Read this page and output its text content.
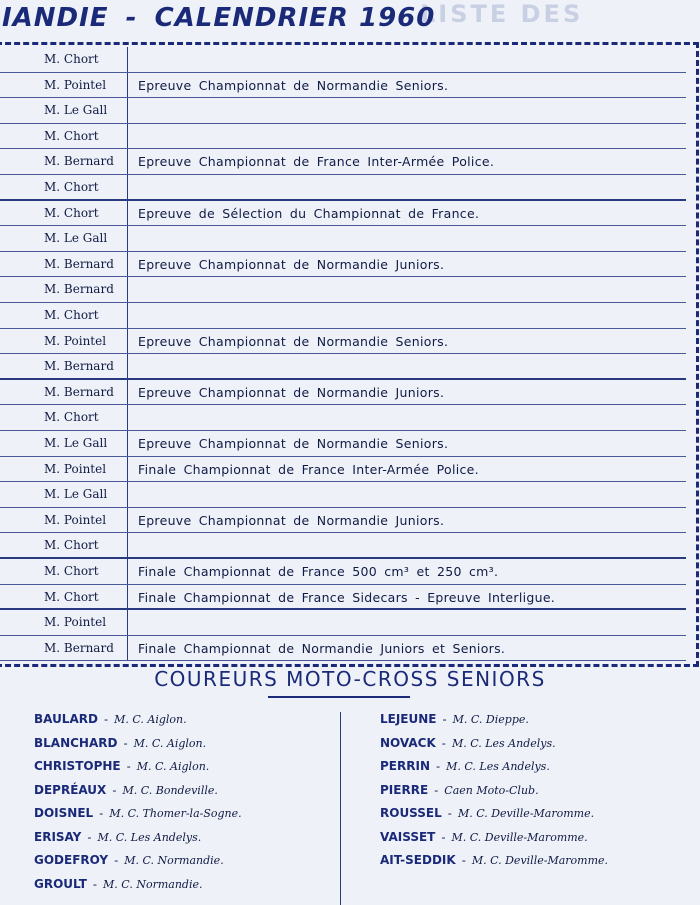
LISTE DES
IANDIE - CALENDRIER 1960
M. Chort
M. Pointel	Epreuve Championnat de Normandie Seniors.
M. Le Gall
M. Chort
M. Bernard	Epreuve Championnat de France Inter-Armée Police.
M. Chort
M. Chort	Epreuve de Sélection du Championnat de France.
M. Le Gall
M. Bernard	Epreuve Championnat de Normandie Juniors.
M. Bernard
M. Chort
M. Pointel	Epreuve Championnat de Normandie Seniors.
M. Bernard
M. Bernard	Epreuve Championnat de Normandie Juniors.
M. Chort
M. Le Gall	Epreuve Championnat de Normandie Seniors.
M. Pointel	Finale Championnat de France Inter-Armée Police.
M. Le Gall
M. Pointel	Epreuve Championnat de Normandie Juniors.
M. Chort
M. Chort	Finale Championnat de France 500 cm³ et 250 cm³.
M. Chort	Finale Championnat de France Sidecars - Epreuve Interligue.
M. Pointel
M. Bernard	Finale Championnat de Normandie Juniors et Seniors.
COUREURS MOTO-CROSS SENIORS
BAULARD - M. C. Aiglon.
BLANCHARD - M. C. Aiglon.
CHRISTOPHE - M. C. Aiglon.
DEPRÉAUX - M. C. Bondeville.
DOISNEL - M. C. Thomer-la-Sogne.
ERISAY - M. C. Les Andelys.
GODEFROY - M. C. Normandie.
GROULT - M. C. Normandie.
LEJEUNE - M. C. Dieppe.
NOVACK - M. C. Les Andelys.
PERRIN - M. C. Les Andelys.
PIERRE - Caen Moto-Club.
ROUSSEL - M. C. Deville-Maromme.
VAISSET - M. C. Deville-Maromme.
AIT-SEDDIK - M. C. Deville-Maromme.
